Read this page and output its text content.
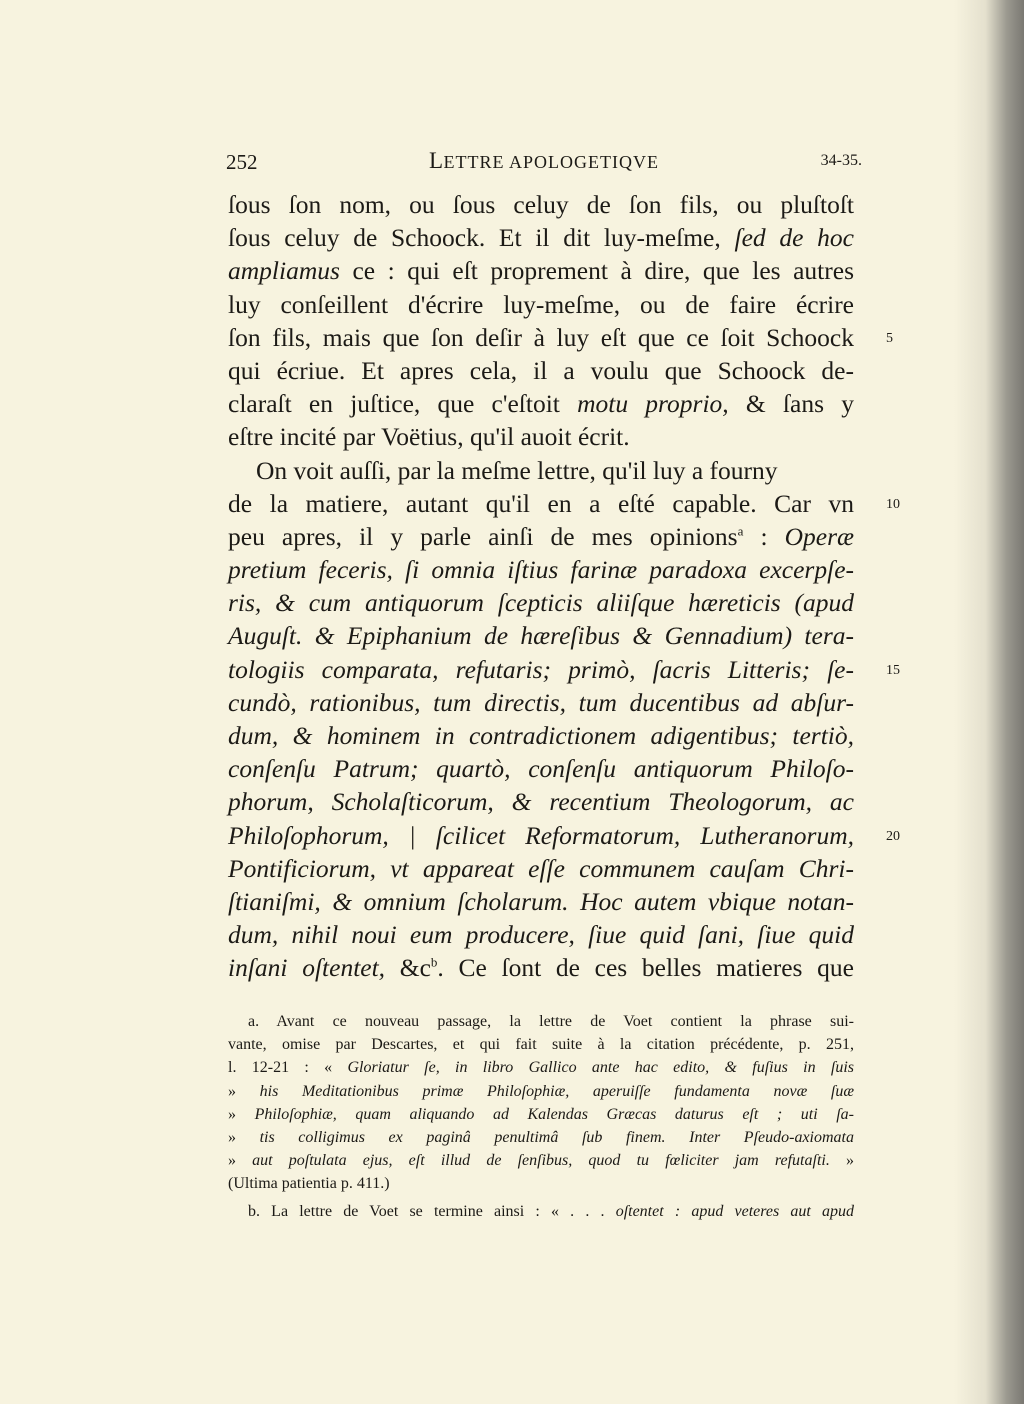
252	LETTRE APOLOGETIQVE	34-35.
ſous ſon nom, ou ſous celuy de ſon fils, ou pluſtoſt
ſous celuy de Schoock. Et il dit luy-meſme, ſed de hoc
ampliamus ce : qui eſt proprement à dire, que les autres
luy conſeillent d'écrire luy-meſme, ou de faire écrire
ſon fils, mais que ſon deſir à luy eſt que ce ſoit Schoock
qui écriue. Et apres cela, il a voulu que Schoock de-
claraſt en juſtice, que c'eſtoit motu proprio, & ſans y
eſtre incité par Voëtius, qu'il auoit écrit.
On voit auſſi, par la meſme lettre, qu'il luy a fourny
de la matiere, autant qu'il en a eſté capable. Car vn
peu apres, il y parle ainſi de mes opinions$^a$ : Operæ
pretium feceris, ſi omnia iſtius farinæ paradoxa excerpſe-
ris, & cum antiquorum ſcepticis aliiſque hæreticis (apud
Auguſt. & Epiphanium de hæreſibus & Gennadium) tera-
tologiis comparata, refutaris; primò, ſacris Litteris; ſe-
cundò, rationibus, tum directis, tum ducentibus ad abſur-
dum, & hominem in contradictionem adigentibus; tertiò,
conſenſu Patrum; quartò, conſenſu antiquorum Philoſo-
phorum, Scholaſticorum, & recentium Theologorum, ac
Philoſophorum, | ſcilicet Reformatorum, Lutheranorum,
Pontificiorum, vt appareat eſſe communem cauſam Chri-
ſtianiſmi, & omnium ſcholarum. Hoc autem vbique notan-
dum, nihil noui eum producere, ſiue quid ſani, ſiue quid
inſani oſtentet, $\&c^b$. Ce ſont de ces belles matieres que
5
10
15
20
a. Avant ce nouveau passage, la lettre de Voet contient la phrase sui-
vante, omise par Descartes, et qui fait suite à la citation précédente, p. 251,
l. 12-21 : « Gloriatur ſe, in libro Gallico ante hac edito, & fuſius in ſuis
» his Meditationibus primæ Philoſophiæ, aperuiſſe fundamenta novæ ſuæ
» Philoſophiæ, quam aliquando ad Kalendas Græcas daturus eſt ; uti ſa-
» tis colligimus ex paginâ penultimâ ſub finem. Inter Pſeudo-axiomata
» aut poſtulata ejus, eſt illud de ſenſibus, quod tu fœliciter jam refutaſti. »
(Ultima patientia p. 411.)
b. La lettre de Voet se termine ainsi : « . . . oſtentet : apud veteres aut apud
